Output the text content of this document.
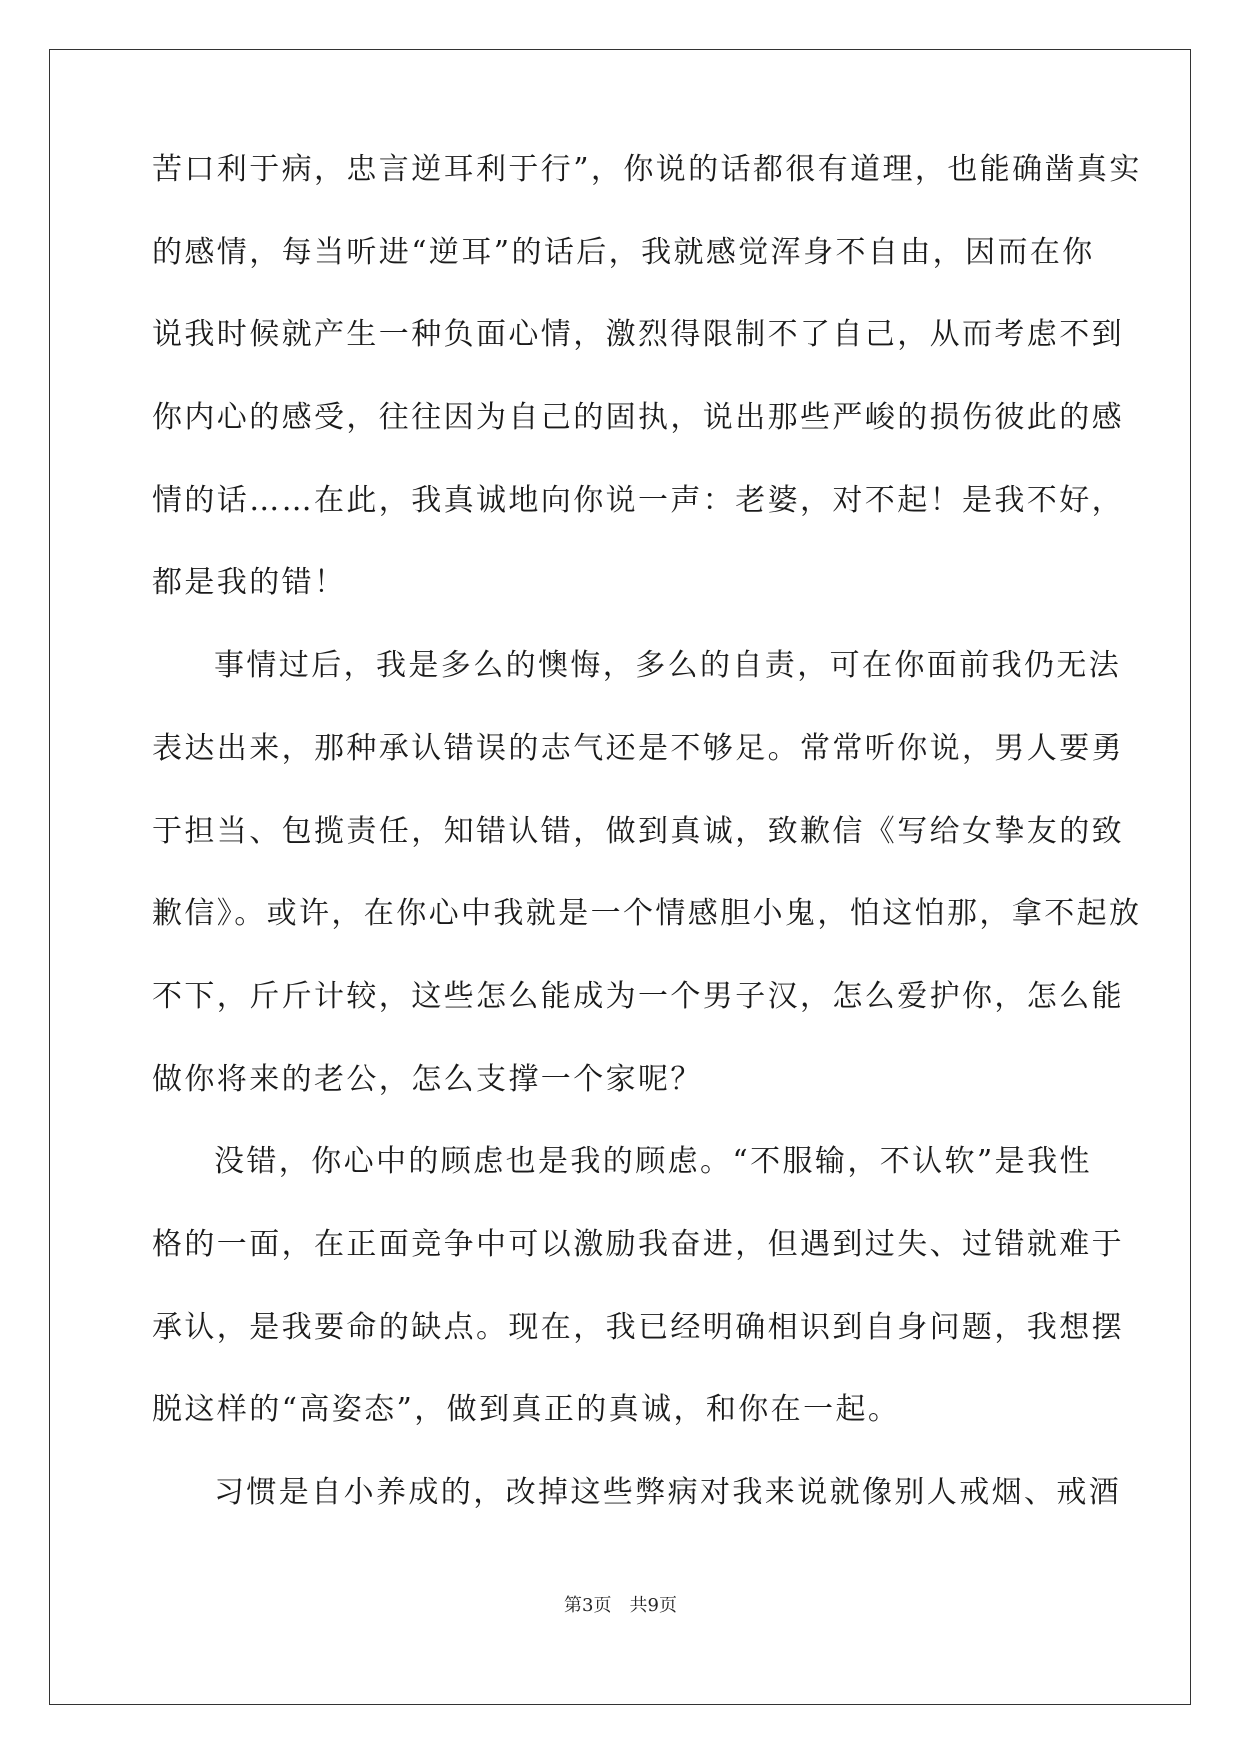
苦口利于病，忠言逆耳利于行”，你说的话都很有道理，也能确凿真实
的感情，每当听进“逆耳”的话后，我就感觉浑身不自由，因而在你
说我时候就产生一种负面心情，激烈得限制不了自己，从而考虑不到
你内心的感受，往往因为自己的固执，说出那些严峻的损伤彼此的感
情的话……在此，我真诚地向你说一声：老婆，对不起！是我不好，
都是我的错！
事情过后，我是多么的懊悔，多么的自责，可在你面前我仍无法
表达出来，那种承认错误的志气还是不够足。常常听你说，男人要勇
于担当、包揽责任，知错认错，做到真诚，致歉信《写给女挚友的致
歉信》。或许，在你心中我就是一个情感胆小鬼，怕这怕那，拿不起放
不下，斤斤计较，这些怎么能成为一个男子汉，怎么爱护你，怎么能
做你将来的老公，怎么支撑一个家呢？
没错，你心中的顾虑也是我的顾虑。“不服输，不认软”是我性
格的一面，在正面竞争中可以激励我奋进，但遇到过失、过错就难于
承认，是我要命的缺点。现在，我已经明确相识到自身问题，我想摆
脱这样的“高姿态”，做到真正的真诚，和你在一起。
习惯是自小养成的，改掉这些弊病对我来说就像别人戒烟、戒酒
第3页 共9页
